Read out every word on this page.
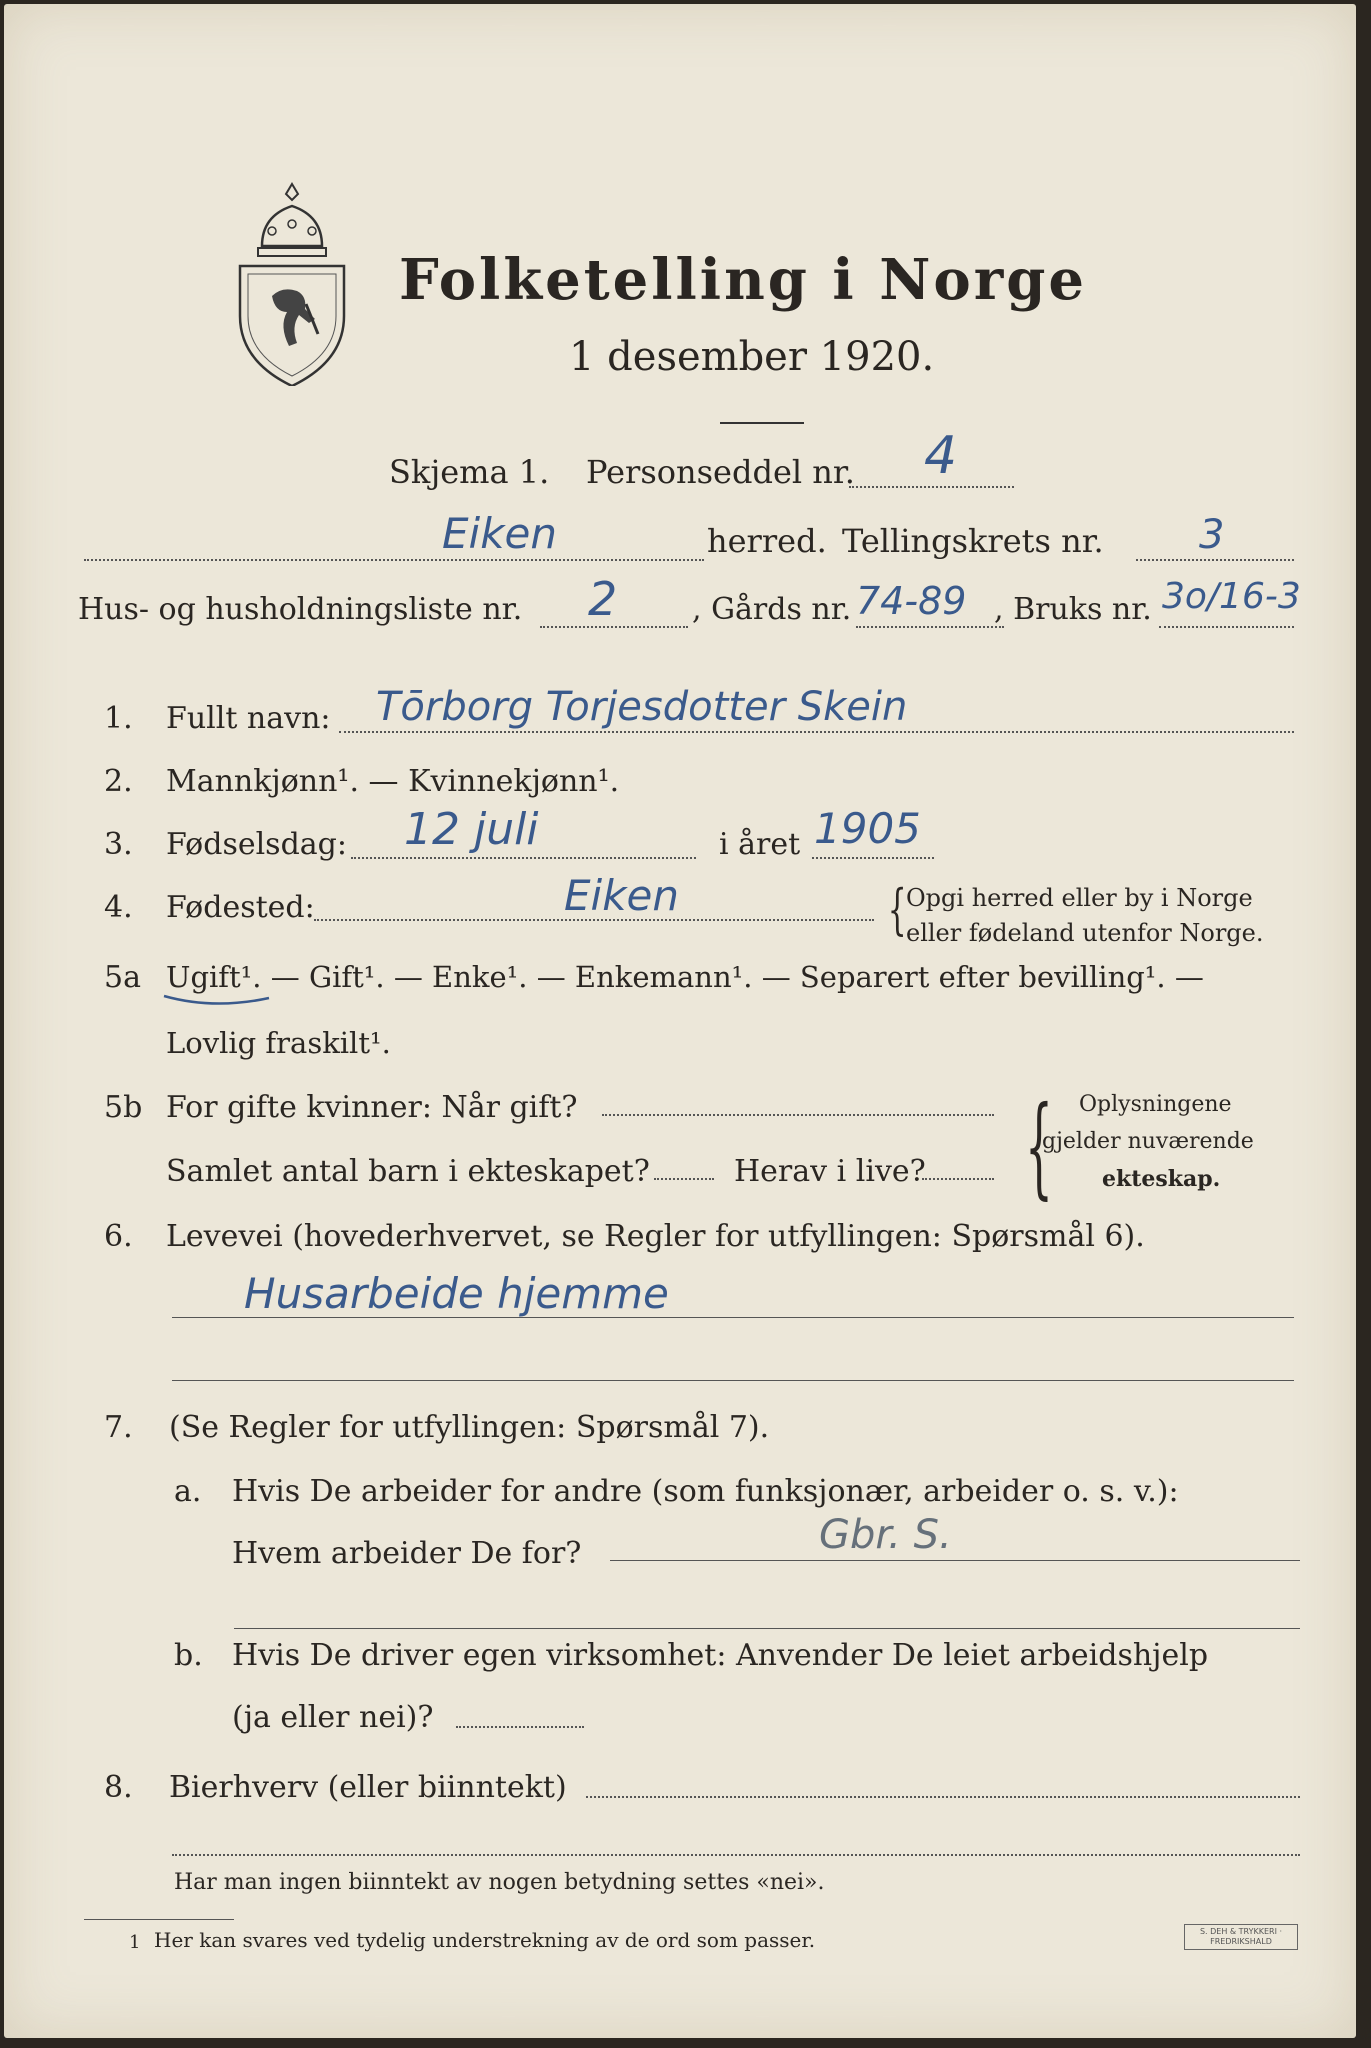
Folketelling i Norge
1 desember 1920.
Skjema 1. Personseddel nr. 4
Eiken	herred. Tellingskrets nr. 3
Hus- og husholdningsliste nr. 2 , Gårds nr. 74-89 , Bruks nr. 3o/16-3
1. Fullt navn: Tōrborg Torjesdotter Skein
2. Mannkjønn¹. — Kvinnekjønn¹.
3. Fødselsdag: 12 juli	i året 1905
4. Fødested:	Eiken	{ Opgi herred eller by i Norge
eller fødeland utenfor Norge.
5a Ugift¹. — Gift¹. — Enke¹. — Enkemann¹. — Separert efter bevilling¹. —
Lovlig fraskilt¹.
5b For gifte kvinner: Når gift?
Samlet antal barn i ekteskapet?	Herav i live? { Oplysningene
gjelder nuværende
ekteskap.
6. Levevei (hovederhvervet, se Regler for utfyllingen: Spørsmål 6).
Husarbeide hjemme
7. (Se Regler for utfyllingen: Spørsmål 7).
a. Hvis De arbeider for andre (som funksjonær, arbeider o. s. v.):
Hvem arbeider De for?	Gbr. S.
b. Hvis De driver egen virksomhet: Anvender De leiet arbeidshjelp
(ja eller nei)?
8. Bierhverv (eller biinntekt)
Har man ingen biinntekt av nogen betydning settes «nei».
1 Her kan svares ved tydelig understrekning av de ord som passer.	S. DEH & TRYKKERI · FREDRIKSHALD
